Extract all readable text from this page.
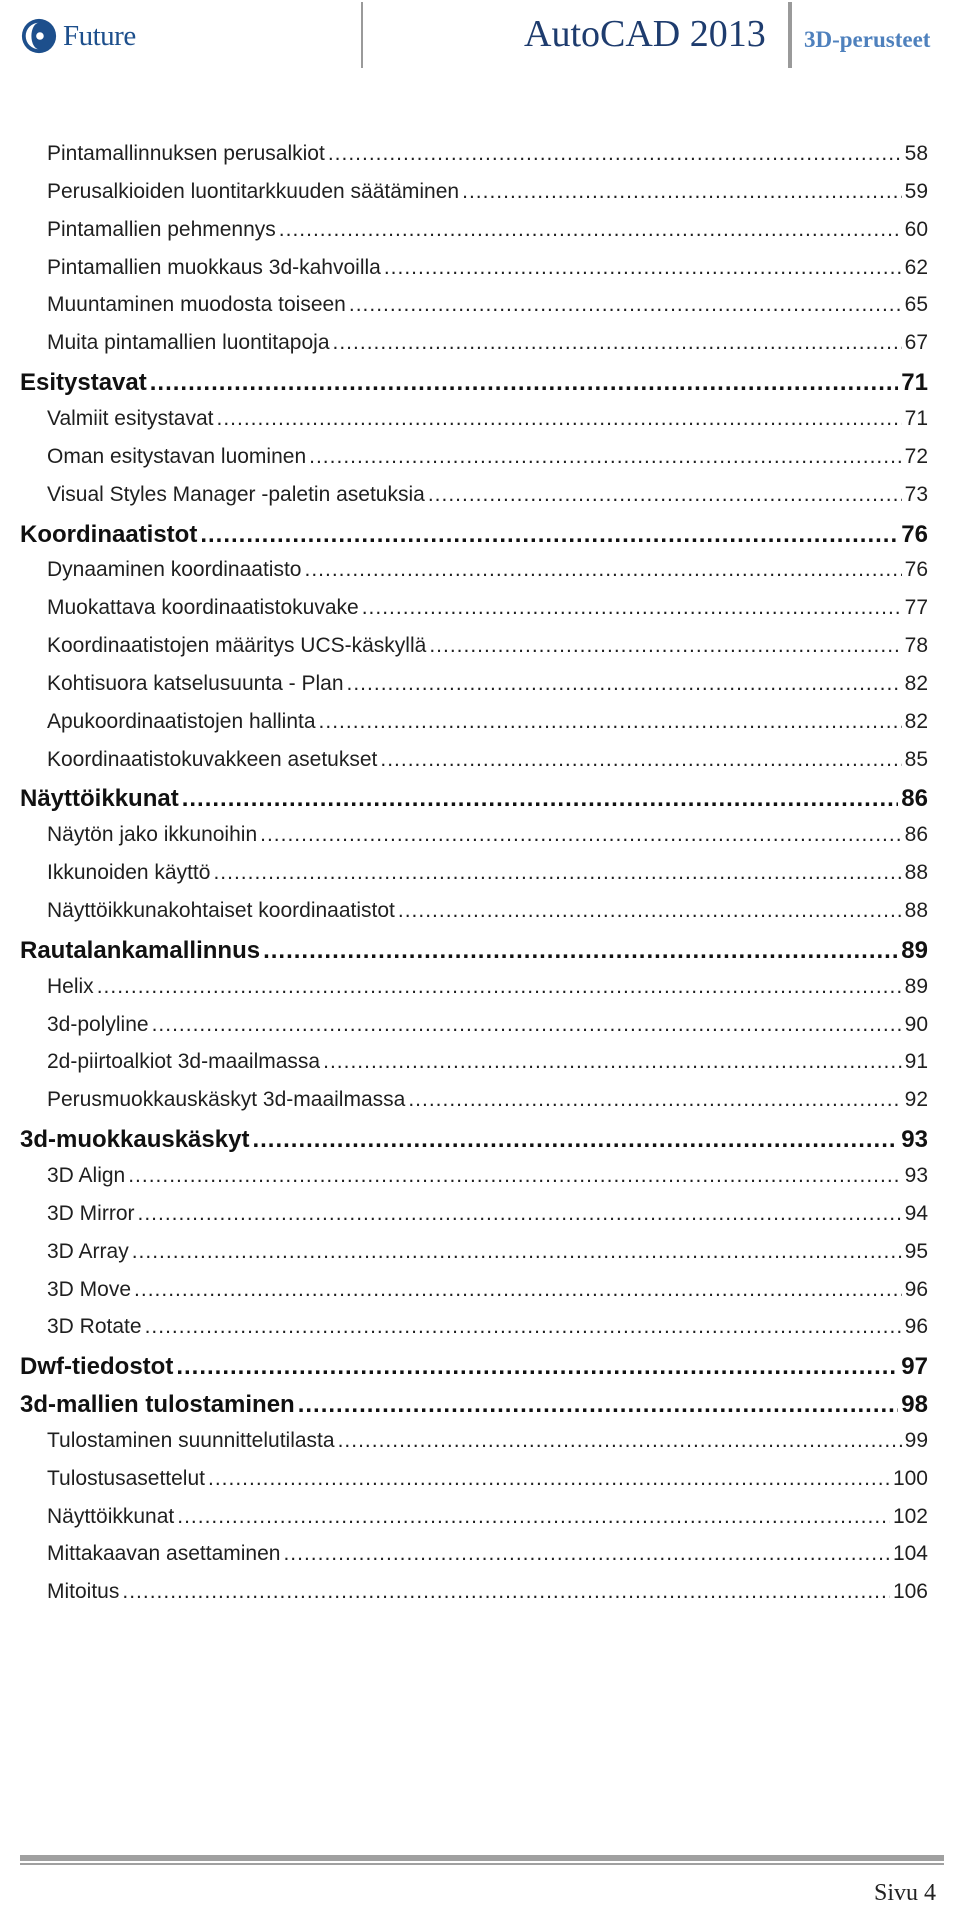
Future	AutoCAD 2013 3D-perusteet
Pintamallinnuksen perusalkiot .....	58
Perusalkioiden luontitarkkuuden säätäminen .....	59
Pintamallien pehmennys .....	60
Pintamallien muokkaus 3d-kahvoilla .....	62
Muuntaminen muodosta toiseen .....	65
Muita pintamallien luontitapoja .....	67
Esitystavat .....	71
Valmiit esitystavat .....	71
Oman esitystavan luominen .....	72
Visual Styles Manager -paletin asetuksia .....	73
Koordinaatistot .....	76
Dynaaminen koordinaatisto .....	76
Muokattava koordinaatistokuvake .....	77
Koordinaatistojen määritys UCS-käskyllä .....	78
Kohtisuora katselusuunta - Plan .....	82
Apukoordinaatistojen hallinta .....	82
Koordinaatistokuvakkeen asetukset .....	85
Näyttöikkunat .....	86
Näytön jako ikkunoihin .....	86
Ikkunoiden käyttö .....	88
Näyttöikkunakohtaiset koordinaatistot .....	88
Rautalankamallinnus .....	89
Helix .....	89
3d-polyline .....	90
2d-piirtoalkiot 3d-maailmassa .....	91
Perusmuokkauskäskyt 3d-maailmassa .....	92
3d-muokkauskäskyt .....	93
3D Align .....	93
3D Mirror .....	94
3D Array .....	95
3D Move .....	96
3D Rotate .....	96
Dwf-tiedostot .....	97
3d-mallien tulostaminen .....	98
Tulostaminen suunnittelutilasta .....	99
Tulostusasettelut .....	100
Näyttöikkunat .....	102
Mittakaavan asettaminen .....	104
Mitoitus .....	106
Sivu 4
